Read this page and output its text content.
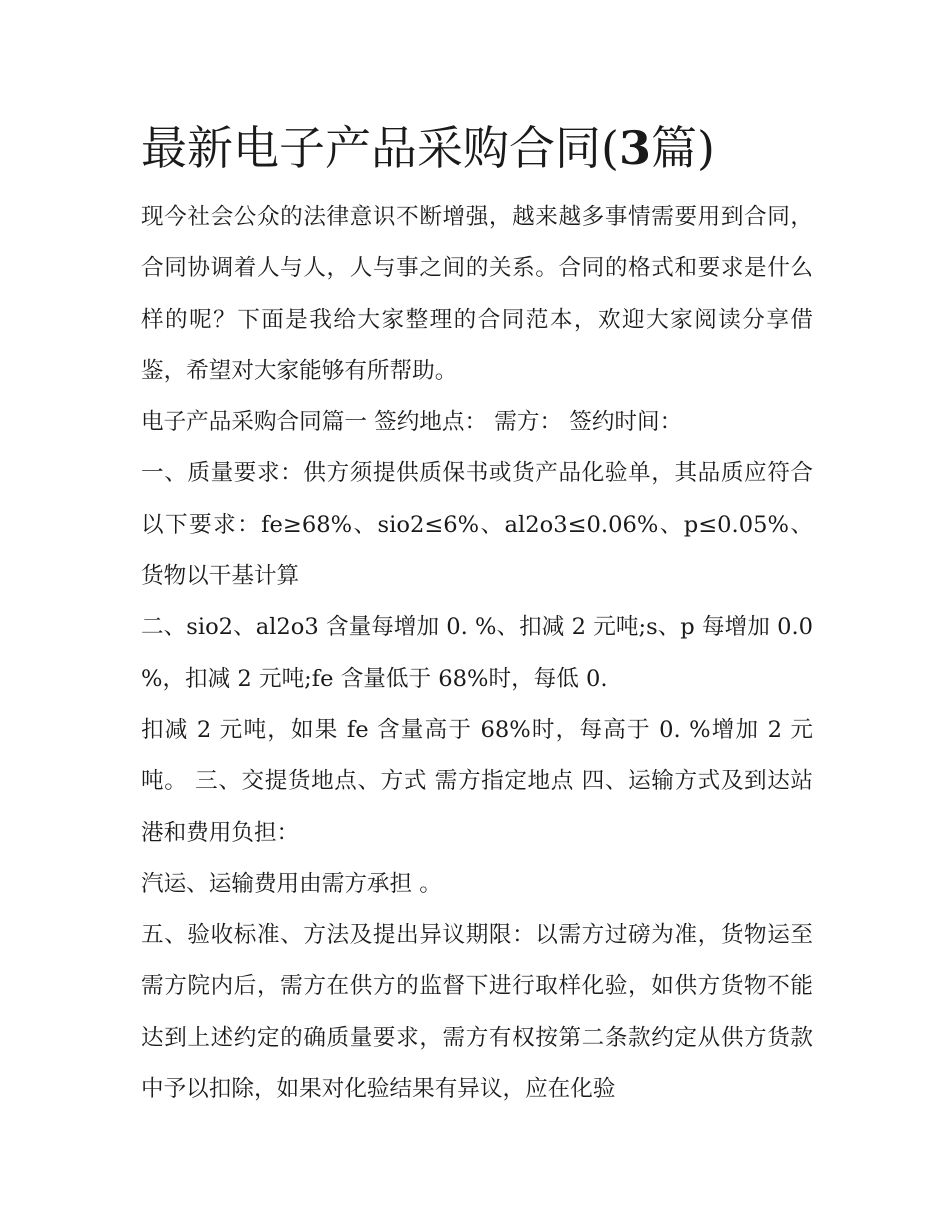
最新电子产品采购合同(3篇)

现今社会公众的法律意识不断增强，越来越多事情需要用到合同，合同协调着人与人，人与事之间的关系。合同的格式和要求是什么样的呢？下面是我给大家整理的合同范本，欢迎大家阅读分享借鉴，希望对大家能够有所帮助。

电子产品采购合同篇一 签约地点： 需方： 签约时间：

一、质量要求：供方须提供质保书或货产品化验单，其品质应符合以下要求：fe≥68%、sio2≤6%、al2o3≤0.06%、p≤0.05%、货物以干基计算

二、sio2、al2o3 含量每增加 0. %、扣减 2 元吨;s、p 每增加 0.0 %，扣减 2 元吨;fe 含量低于 68%时，每低 0.

扣减 2 元吨，如果 fe 含量高于 68%时，每高于 0. %增加 2 元吨。 三、交提货地点、方式 需方指定地点 四、运输方式及到达站港和费用负担：

汽运、运输费用由需方承担 。

五、验收标准、方法及提出异议期限：以需方过磅为准，货物运至需方院内后，需方在供方的监督下进行取样化验，如供方货物不能达到上述约定的确质量要求，需方有权按第二条款约定从供方货款中予以扣除，如果对化验结果有异议，应在化验
